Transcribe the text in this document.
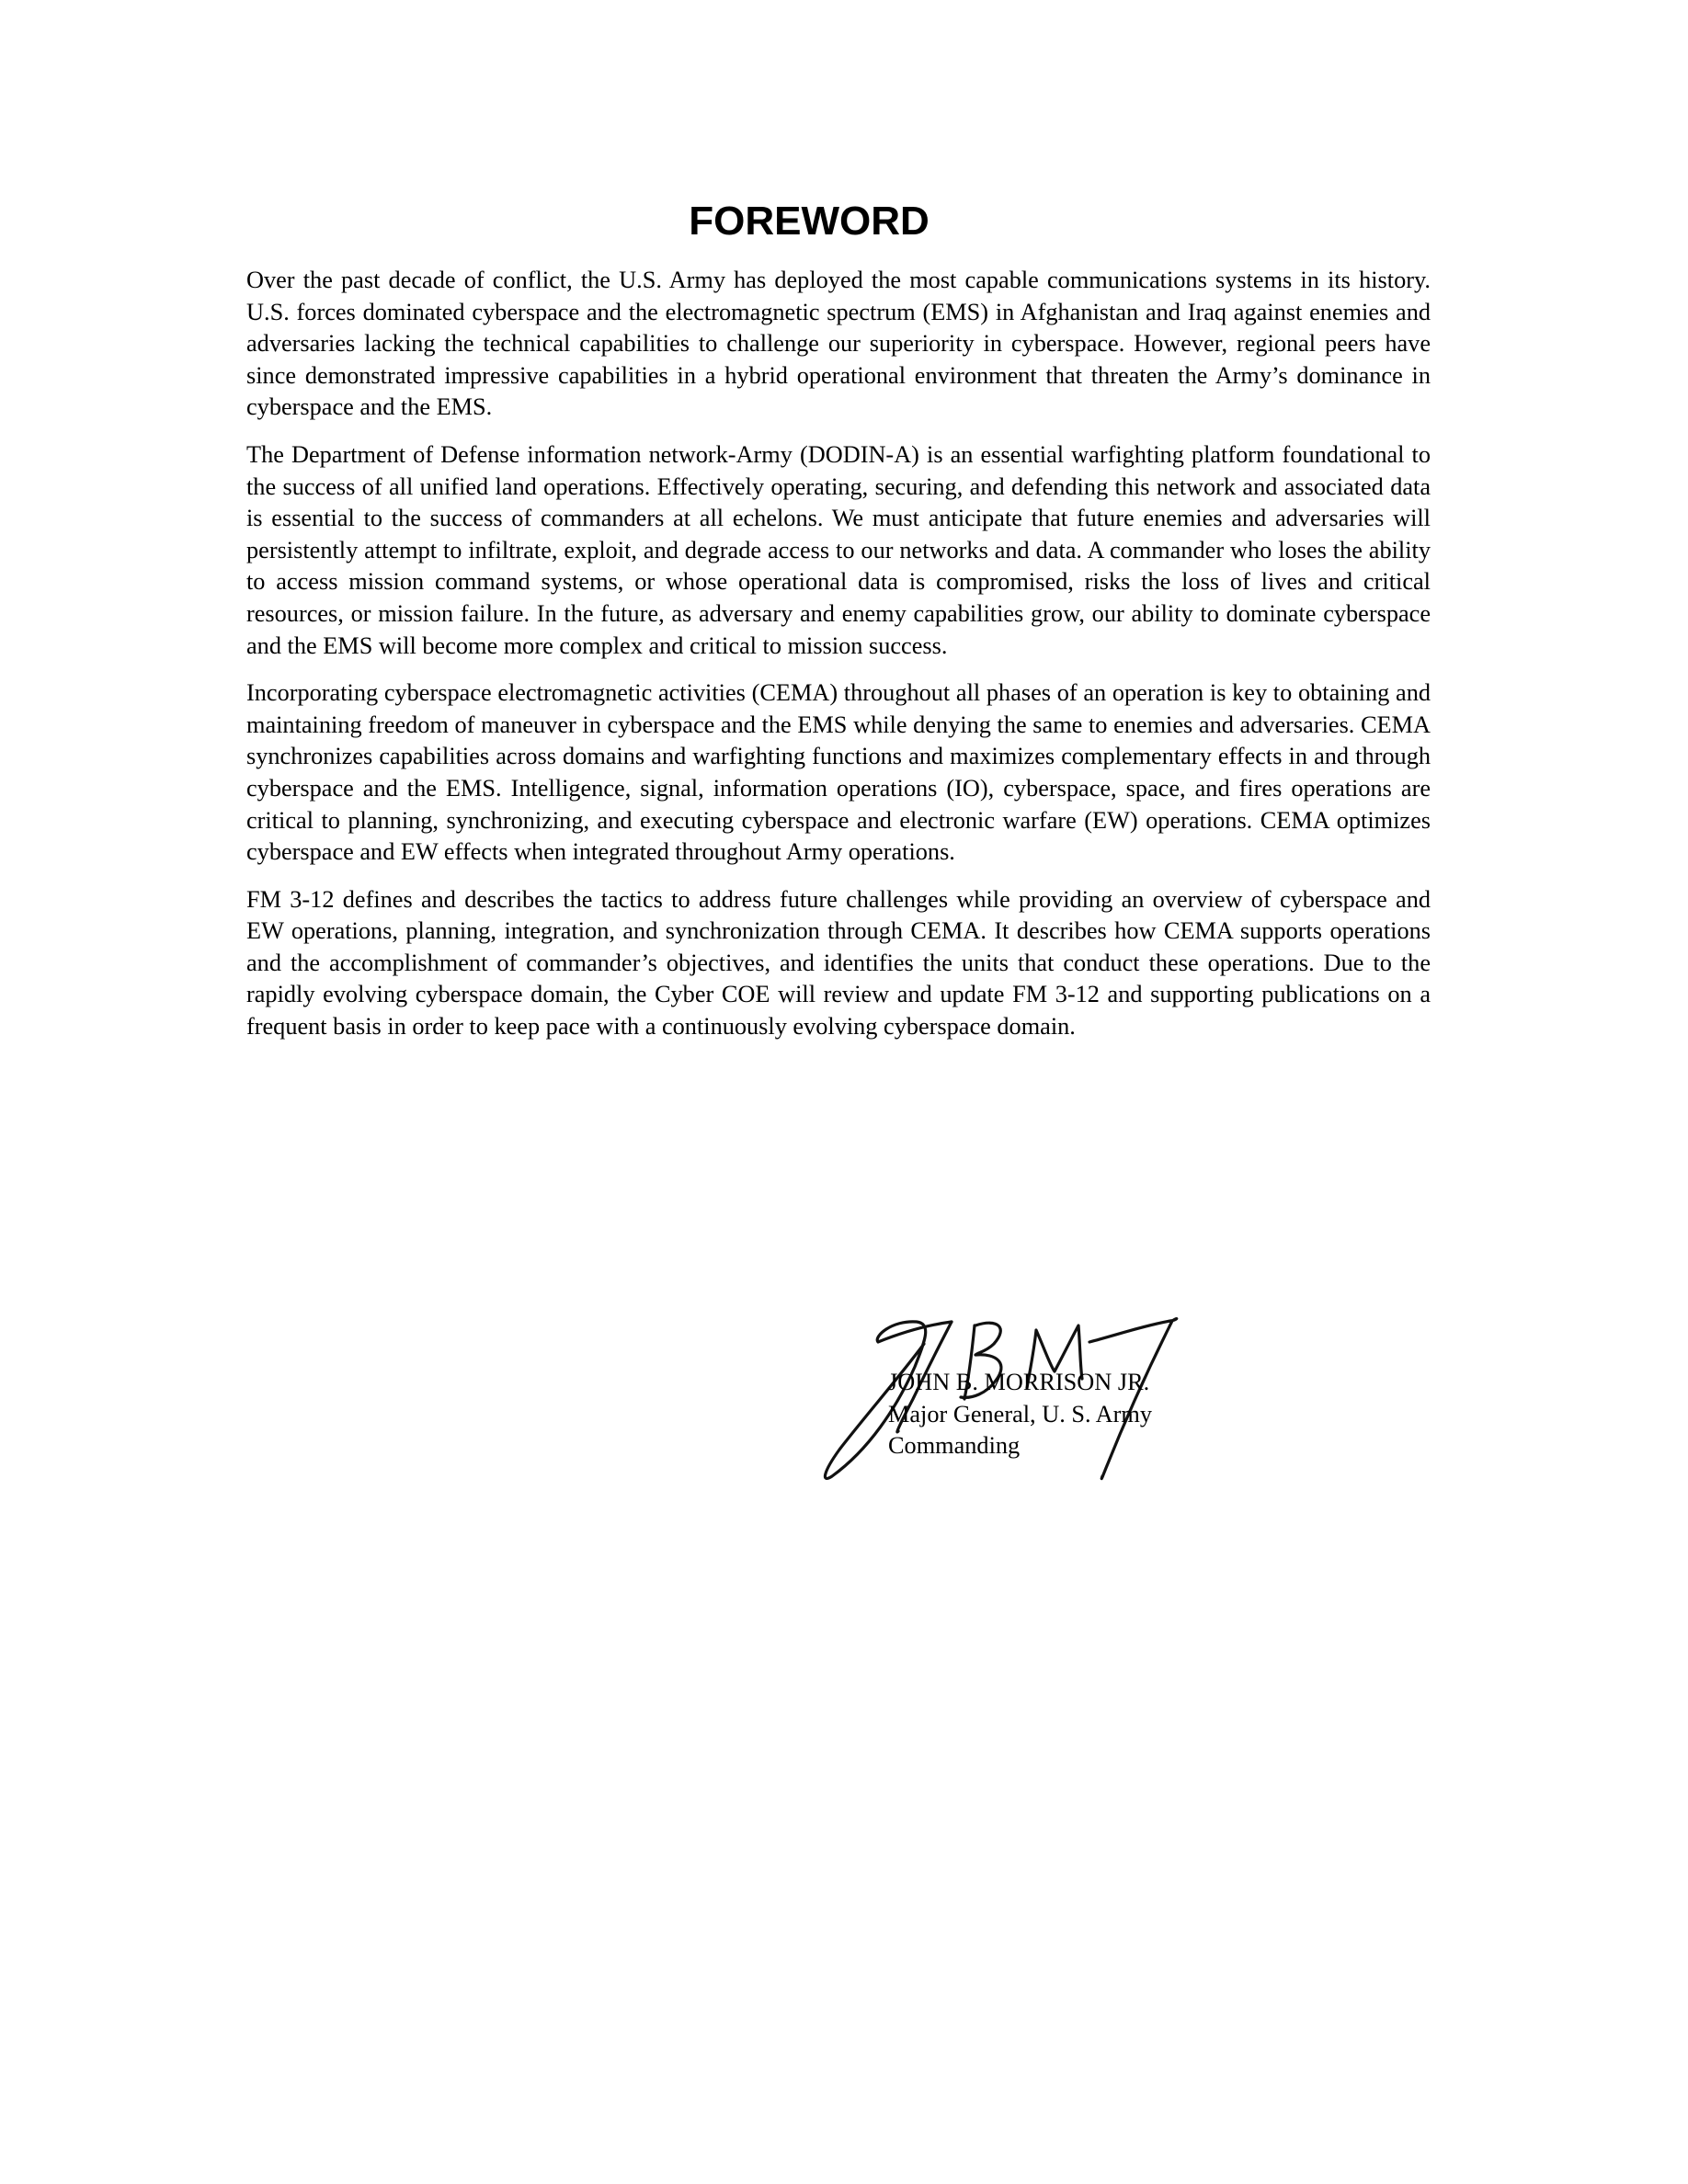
FOREWORD

Over the past decade of conflict, the U.S. Army has deployed the most capable communications systems in its history. U.S. forces dominated cyberspace and the electromagnetic spectrum (EMS) in Afghanistan and Iraq against enemies and adversaries lacking the technical capabilities to challenge our superiority in cyberspace. However, regional peers have since demonstrated impressive capabilities in a hybrid operational environment that threaten the Army’s dominance in cyberspace and the EMS.

The Department of Defense information network-Army (DODIN-A) is an essential warfighting platform foundational to the success of all unified land operations. Effectively operating, securing, and defending this network and associated data is essential to the success of commanders at all echelons. We must anticipate that future enemies and adversaries will persistently attempt to infiltrate, exploit, and degrade access to our networks and data. A commander who loses the ability to access mission command systems, or whose operational data is compromised, risks the loss of lives and critical resources, or mission failure. In the future, as adversary and enemy capabilities grow, our ability to dominate cyberspace and the EMS will become more complex and critical to mission success.

Incorporating cyberspace electromagnetic activities (CEMA) throughout all phases of an operation is key to obtaining and maintaining freedom of maneuver in cyberspace and the EMS while denying the same to enemies and adversaries. CEMA synchronizes capabilities across domains and warfighting functions and maximizes complementary effects in and through cyberspace and the EMS. Intelligence, signal, information operations (IO), cyberspace, space, and fires operations are critical to planning, synchronizing, and executing cyberspace and electronic warfare (EW) operations. CEMA optimizes cyberspace and EW effects when integrated throughout Army operations.

FM 3-12 defines and describes the tactics to address future challenges while providing an overview of cyberspace and EW operations, planning, integration, and synchronization through CEMA. It describes how CEMA supports operations and the accomplishment of commander’s objectives, and identifies the units that conduct these operations. Due to the rapidly evolving cyberspace domain, the Cyber COE will review and update FM 3-12 and supporting publications on a frequent basis in order to keep pace with a continuously evolving cyberspace domain.

JOHN B. MORRISON JR.
Major General, U. S. Army
Commanding
